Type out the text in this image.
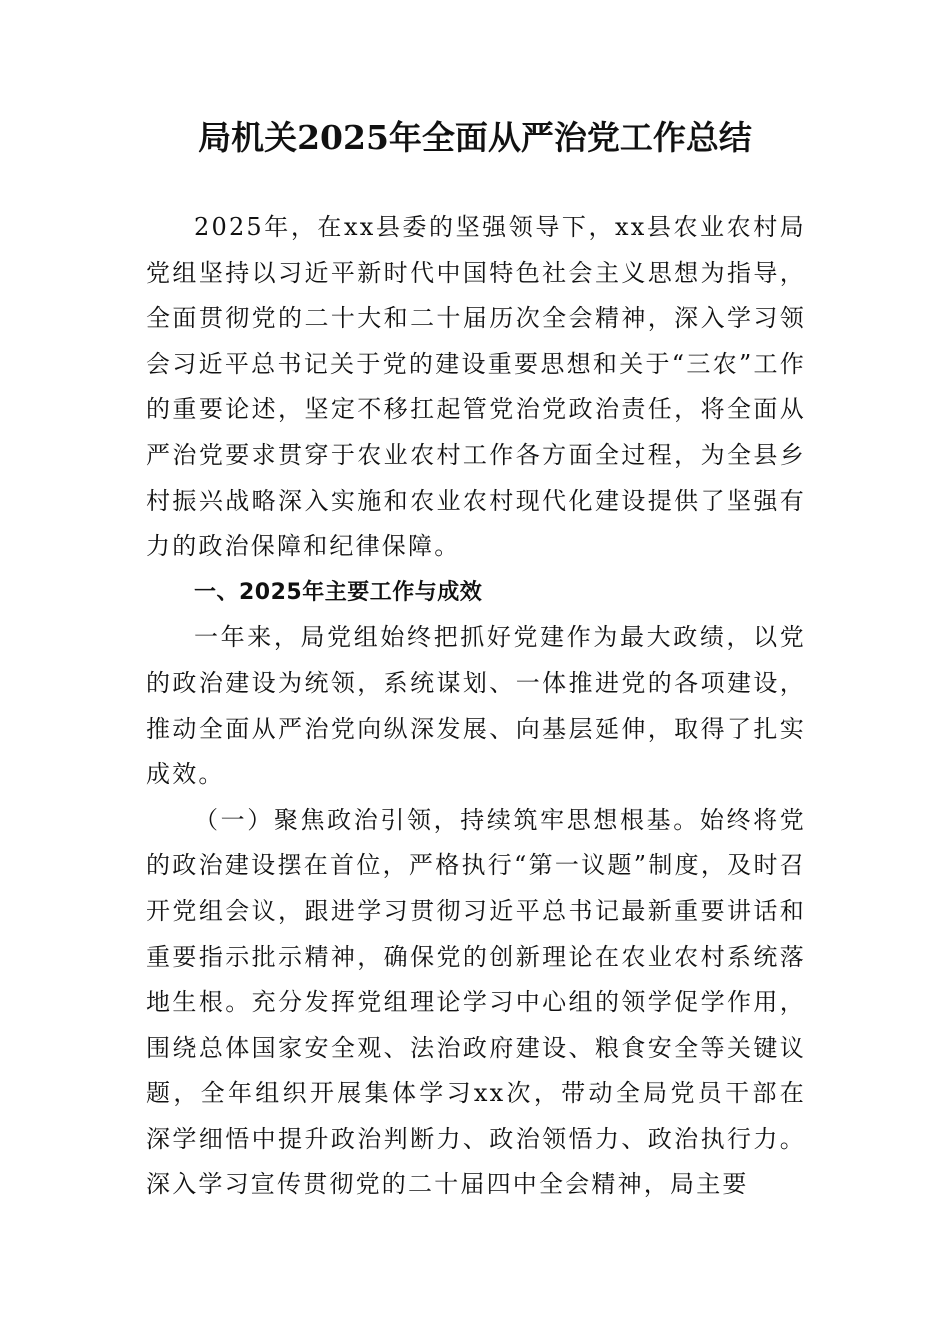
局机关2025年全面从严治党工作总结

2025年，在xx县委的坚强领导下，xx县农业农村局党组坚持以习近平新时代中国特色社会主义思想为指导，全面贯彻党的二十大和二十届历次全会精神，深入学习领会习近平总书记关于党的建设重要思想和关于“三农”工作的重要论述，坚定不移扛起管党治党政治责任，将全面从严治党要求贯穿于农业农村工作各方面全过程，为全县乡村振兴战略深入实施和农业农村现代化建设提供了坚强有力的政治保障和纪律保障。

一、2025年主要工作与成效

一年来，局党组始终把抓好党建作为最大政绩，以党的政治建设为统领，系统谋划、一体推进党的各项建设，推动全面从严治党向纵深发展、向基层延伸，取得了扎实成效。

（一）聚焦政治引领，持续筑牢思想根基。始终将党的政治建设摆在首位，严格执行“第一议题”制度，及时召开党组会议，跟进学习贯彻习近平总书记最新重要讲话和重要指示批示精神，确保党的创新理论在农业农村系统落地生根。充分发挥党组理论学习中心组的领学促学作用，围绕总体国家安全观、法治政府建设、粮食安全等关键议题，全年组织开展集体学习xx次，带动全局党员干部在深学细悟中提升政治判断力、政治领悟力、政治执行力。深入学习宣传贯彻党的二十届四中全会精神，局主要
